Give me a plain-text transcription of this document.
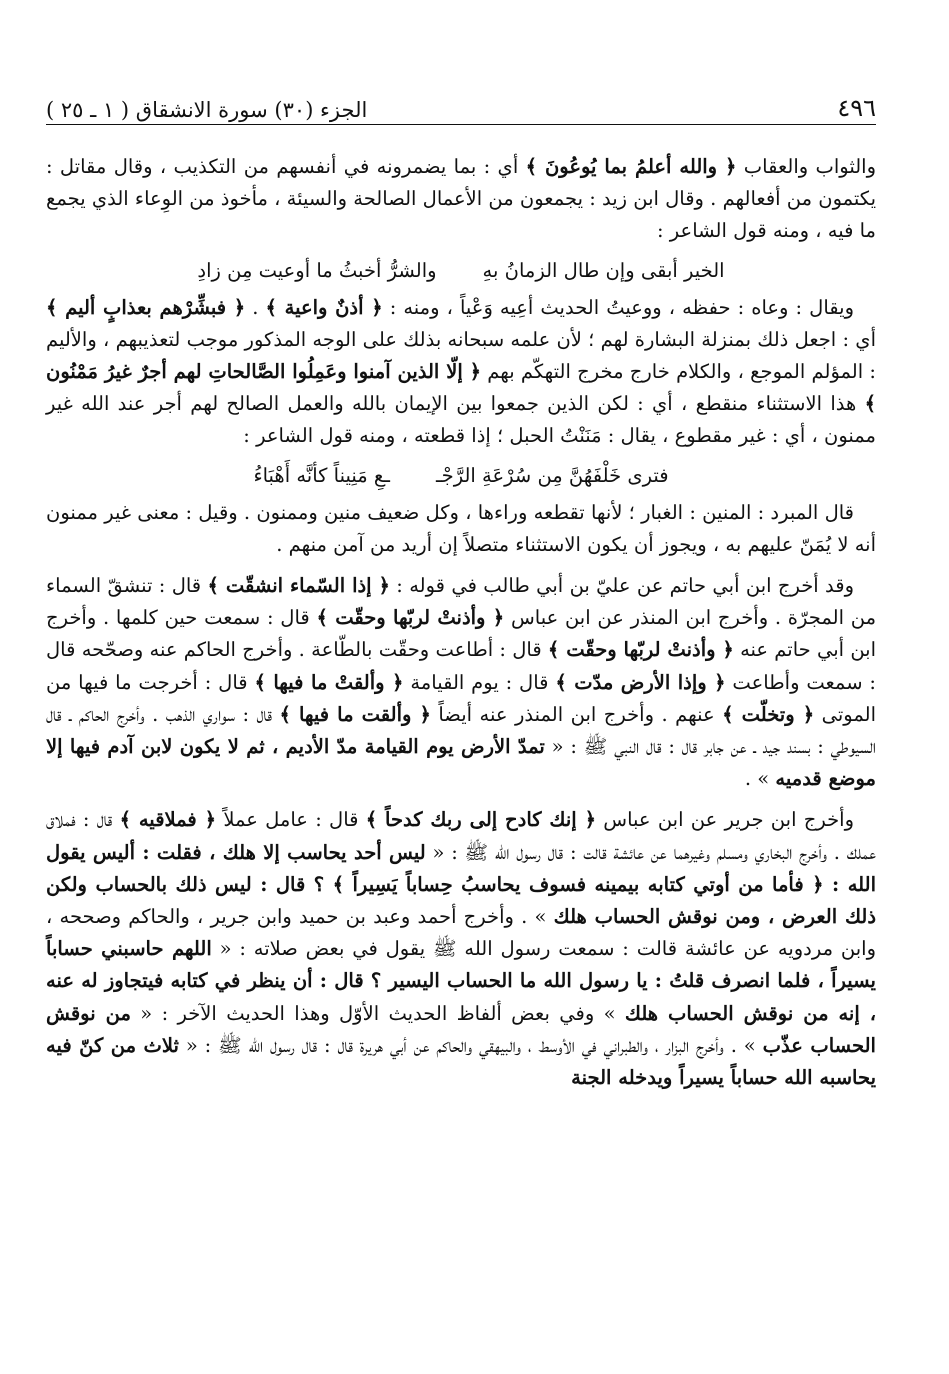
٤٩٦
الجزء (٣٠) سورة الانشقاق ( ١ ـ ٢٥ )

والثواب والعقاب ﴿ والله أعلمُ بما يُوعُونَ ﴾ أي : بما يضمرونه في أنفسهم من التكذيب ، وقال مقاتل : يكتمون من أفعالهم . وقال ابن زيد : يجمعون من الأعمال الصالحة والسيئة ، مأخوذ من الوِعاء الذي يجمع ما فيه ، ومنه قول الشاعر :

الخير أبقى وإن طال الزمانُ بهِ
والشرُّ أخبثُ ما أوعيت مِن زادِ

ويقال : وعاه : حفظه ، ووعيتُ الحديث أعِيه وَعْياً ، ومنه : ﴿ أذنٌ واعية ﴾ . ﴿ فبشِّرْهم بعذابٍ أليم ﴾ أي : اجعل ذلك بمنزلة البشارة لهم ؛ لأن علمه سبحانه بذلك على الوجه المذكور موجب لتعذيبهم ، والأليم : المؤلم الموجع ، والكلام خارج مخرج التهكّم بهم ﴿ إلّا الذين آمنوا وعَمِلُوا الصَّالحاتِ لهم أجرٌ غيرُ مَمْنُون ﴾ هذا الاستثناء منقطع ، أي : لكن الذين جمعوا بين الإيمان بالله والعمل الصالح لهم أجر عند الله غير ممنون ، أي : غير مقطوع ، يقال : مَنَنْتُ الحبل ؛ إذا قطعته ، ومنه قول الشاعر :

فترى خَلْفَهُنَّ مِن سُرْعَةِ الرَّجْـ
ـعِ مَنِيناً كأنَّه أَهْبَاءُ

قال المبرد : المنين : الغبار ؛ لأنها تقطعه وراءها ، وكل ضعيف منين وممنون . وقيل : معنى غير ممنون أنه لا يُمَنّ عليهم به ، ويجوز أن يكون الاستثناء متصلاً إن أريد من آمن منهم .

وقد أخرج ابن أبي حاتم عن عليّ بن أبي طالب في قوله : ﴿ إذا السّماء انشقّت ﴾ قال : تنشقّ السماء من المجرّة . وأخرج ابن المنذر عن ابن عباس ﴿ وأذنتْ لربّها وحقّت ﴾ قال : سمعت حين كلمها . وأخرج ابن أبي حاتم عنه ﴿ وأذنتْ لربّها وحقّت ﴾ قال : أطاعت وحقّت بالطّاعة . وأخرج الحاكم عنه وصحّحه قال : سمعت وأطاعت ﴿ وإذا الأرض مدّت ﴾ قال : يوم القيامة ﴿ وألقتْ ما فيها ﴾ قال : أخرجت ما فيها من الموتى ﴿ وتخلّت ﴾ عنهم . وأخرج ابن المنذر عنه أيضاً ﴿ وألقت ما فيها ﴾ قال : سواري الذهب . وأخرج الحاكم ـ قال السيوطي : بسند جيد ـ عن جابر قال : قال النبي ﷺ : « تمدّ الأرض يوم القيامة مدّ الأديم ، ثم لا يكون لابن آدم فيها إلا موضع قدميه » .

وأخرج ابن جرير عن ابن عباس ﴿ إنك كادح إلى ربك كدحاً ﴾ قال : عامل عملاً ﴿ فملاقيه ﴾ قال : فملاق عملك . وأخرج البخاري ومسلم وغيرهما عن عائشة قالت : قال رسول الله ﷺ : « ليس أحد يحاسب إلا هلك ، فقلت : أليس يقول الله : ﴿ فأما من أوتي كتابه بيمينه فسوف يحاسبُ حِساباً يَسِيراً ﴾ ؟ قال : ليس ذلك بالحساب ولكن ذلك العرض ، ومن نوقش الحساب هلك » . وأخرج أحمد وعبد بن حميد وابن جرير ، والحاكم وصححه ، وابن مردويه عن عائشة قالت : سمعت رسول الله ﷺ يقول في بعض صلاته : « اللهم حاسبني حساباً يسيراً ، فلما انصرف قلتُ : يا رسول الله ما الحساب اليسير ؟ قال : أن ينظر في كتابه فيتجاوز له عنه ، إنه من نوقش الحساب هلك » وفي بعض ألفاظ الحديث الأوّل وهذا الحديث الآخر : « من نوقش الحساب عذّب » . وأخرج البزار ، والطبراني في الأوسط ، والبيهقي والحاكم عن أبي هريرة قال : قال رسول الله ﷺ : « ثلاث من كنّ فيه يحاسبه الله حساباً يسيراً ويدخله الجنة
